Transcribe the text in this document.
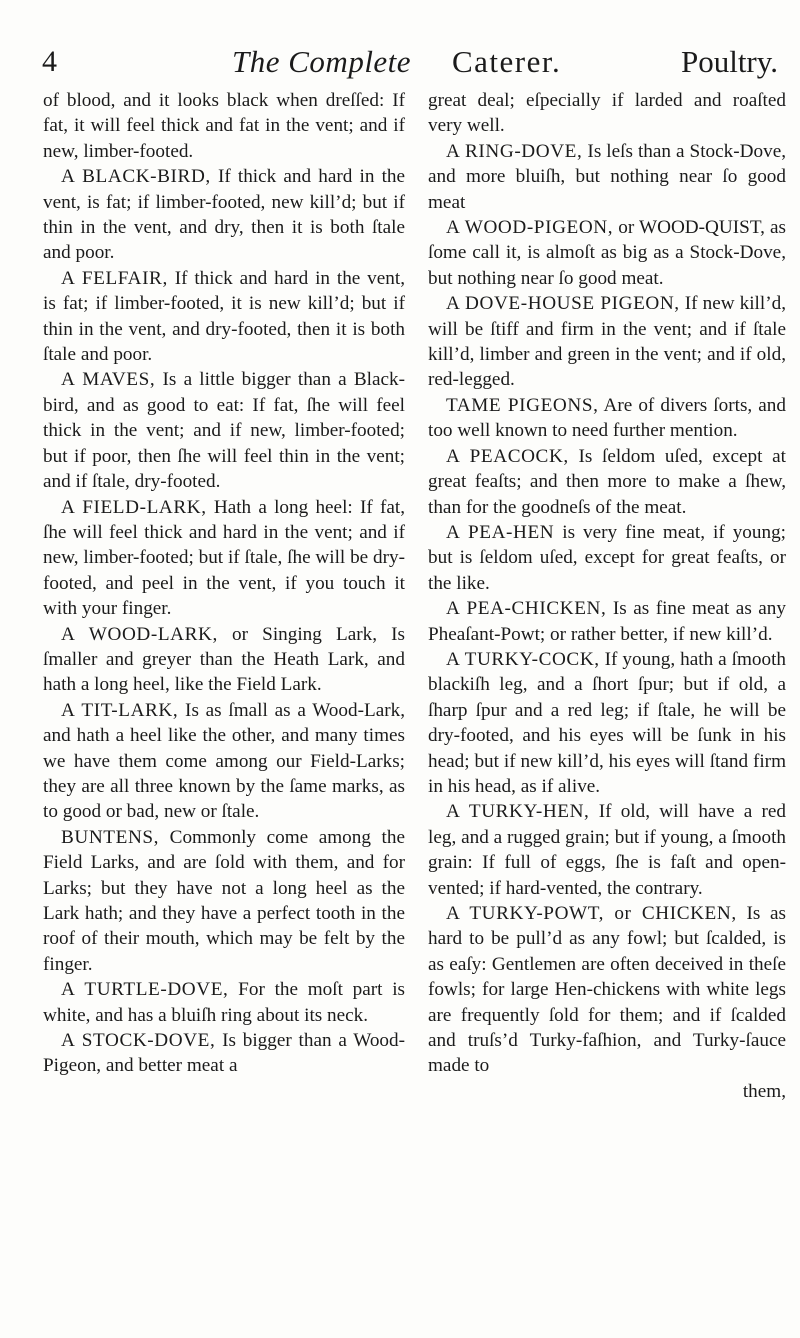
4	The Complete Caterer.	Poultry.

of blood, and it looks black when dreſſed: If fat, it will feel thick and fat in the vent; and if new, limber-footed.

A BLACK-BIRD, If thick and hard in the vent, is fat; if limber-footed, new kill’d; but if thin in the vent, and dry, then it is both ſtale and poor.

A FELFAIR, If thick and hard in the vent, is fat; if limber-footed, it is new kill’d; but if thin in the vent, and dry-footed, then it is both ſtale and poor.

A MAVES, Is a little bigger than a Black-bird, and as good to eat: If fat, ſhe will feel thick in the vent; and if new, limber-footed; but if poor, then ſhe will feel thin in the vent; and if ſtale, dry-footed.

A FIELD-LARK, Hath a long heel: If fat, ſhe will feel thick and hard in the vent; and if new, limber-footed; but if ſtale, ſhe will be dry-footed, and peel in the vent, if you touch it with your finger.

A WOOD-LARK, or Singing Lark, Is ſmaller and greyer than the Heath Lark, and hath a long heel, like the Field Lark.

A TIT-LARK, Is as ſmall as a Wood-Lark, and hath a heel like the other, and many times we have them come among our Field-Larks; they are all three known by the ſame marks, as to good or bad, new or ſtale.

BUNTENS, Commonly come among the Field Larks, and are ſold with them, and for Larks; but they have not a long heel as the Lark hath; and they have a perfect tooth in the roof of their mouth, which may be felt by the finger.

A TURTLE-DOVE, For the moſt part is white, and has a bluiſh ring about its neck.

A STOCK-DOVE, Is bigger than a Wood-Pigeon, and better meat a

great deal; eſpecially if larded and roaſted very well.

A RING-DOVE, Is leſs than a Stock-Dove, and more bluiſh, but nothing near ſo good meat

A WOOD-PIGEON, or WOOD-QUIST, as ſome call it, is almoſt as big as a Stock-Dove, but nothing near ſo good meat.

A DOVE-HOUSE PIGEON, If new kill’d, will be ſtiff and firm in the vent; and if ſtale kill’d, limber and green in the vent; and if old, red-legged.

TAME PIGEONS, Are of divers ſorts, and too well known to need further mention.

A PEACOCK, Is ſeldom uſed, except at great feaſts; and then more to make a ſhew, than for the goodneſs of the meat.

A PEA-HEN is very fine meat, if young; but is ſeldom uſed, except for great feaſts, or the like.

A PEA-CHICKEN, Is as fine meat as any Pheaſant-Powt; or rather better, if new kill’d.

A TURKY-COCK, If young, hath a ſmooth blackiſh leg, and a ſhort ſpur; but if old, a ſharp ſpur and a red leg; if ſtale, he will be dry-footed, and his eyes will be ſunk in his head; but if new kill’d, his eyes will ſtand firm in his head, as if alive.

A TURKY-HEN, If old, will have a red leg, and a rugged grain; but if young, a ſmooth grain: If full of eggs, ſhe is faſt and open-vented; if hard-vented, the contrary.

A TURKY-POWT, or CHICKEN, Is as hard to be pull’d as any fowl; but ſcalded, is as eaſy: Gentlemen are often deceived in theſe fowls; for large Hen-chickens with white legs are frequently ſold for them; and if ſcalded and truſs’d Turky-faſhion, and Turky-ſauce made to

them,
